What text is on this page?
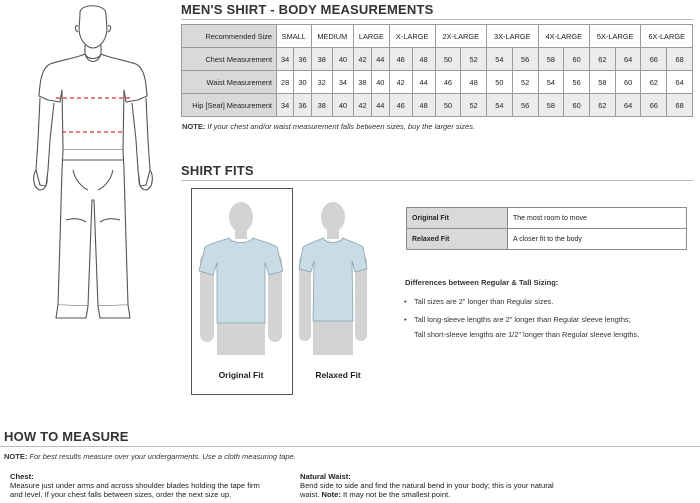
MEN'S SHIRT - BODY MEASUREMENTS
Recommended Size	SMALL		MEDIUM		LARGE		X-LARGE		2X-LARGE		3X-LARGE		4X-LARGE		5X-LARGE		6X-LARGE	
Chest Measurement	34	36	38	40	42	44	46	48	50	52	54	56	58	60	62	64	66	68
Waist Measurement	28	30	32	34	38	40	42	44	46	48	50	52	54	56	58	60	62	64
Hip [Seat] Measurement	34	36	38	40	42	44	46	48	50	52	54	56	58	60	62	64	66	68
NOTE: If your chest and/or waist measurement falls between sizes, buy the larger sizes.
SHIRT FITS
Original Fit	Relaxed Fit
Original Fit	The most room to move
Relaxed Fit	A closer fit to the body
Differences between Regular & Tall Sizing:
• Tall sizes are 2" longer than Regular sizes.
• Tall long-sleeve lengths are 2" longer than Regular sleeve lengths;
Tall short-sleeve lengths are 1/2" longer than Regular sleeve lengths.
HOW TO MEASURE
NOTE: For best results measure over your undergarments. Use a cloth measuring tape.
Chest:
Measure just under arms and across shoulder blades holding the tape firm
and level. If your chest falls between sizes, order the next size up.
Natural Waist:
Bend side to side and find the natural bend in your body; this is your natural
waist. Note: It may not be the smallest point.
